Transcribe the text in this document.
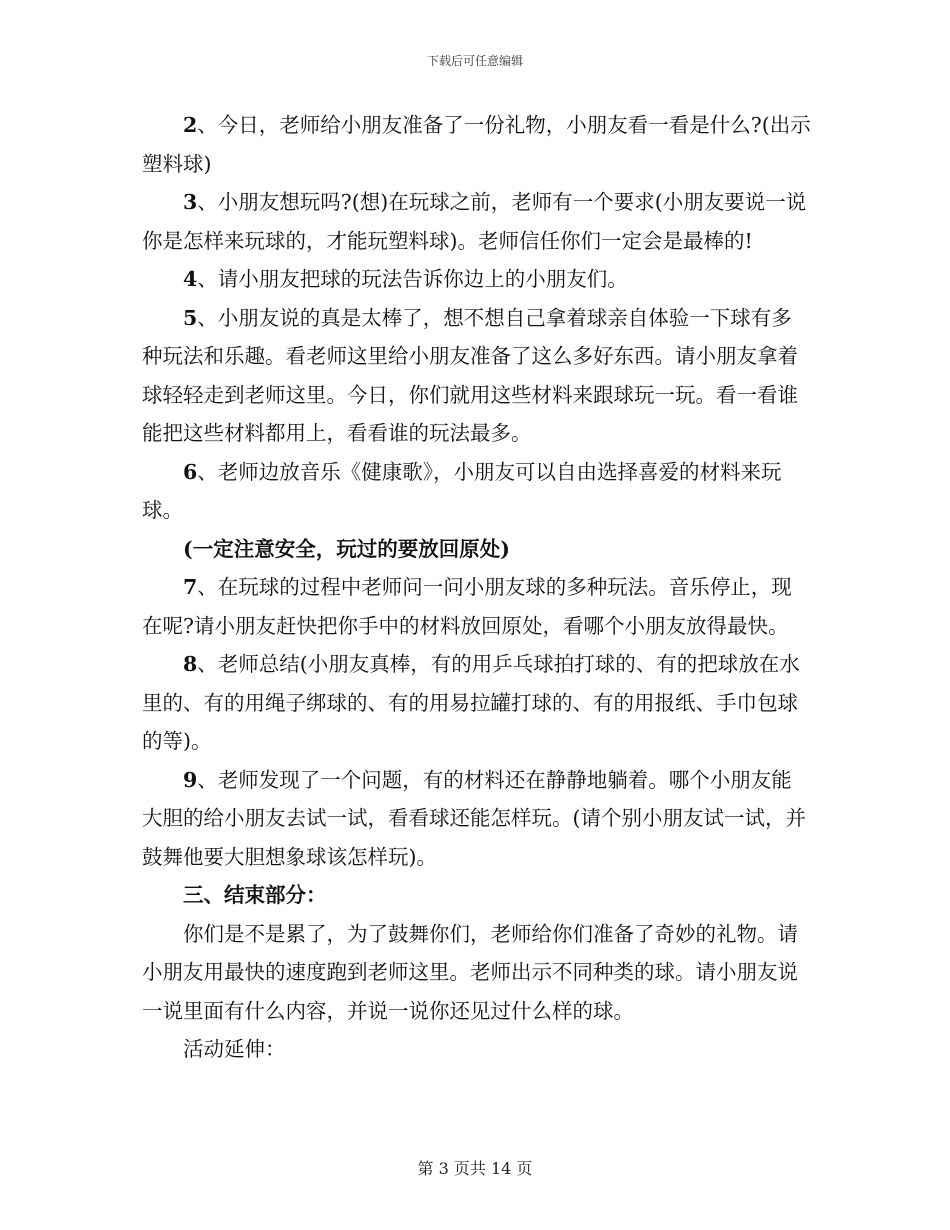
下载后可任意编辑

2、今日，老师给小朋友准备了一份礼物，小朋友看一看是什么?(出示塑料球)

3、小朋友想玩吗?(想)在玩球之前，老师有一个要求(小朋友要说一说你是怎样来玩球的，才能玩塑料球)。老师信任你们一定会是最棒的!

4、请小朋友把球的玩法告诉你边上的小朋友们。

5、小朋友说的真是太棒了，想不想自己拿着球亲自体验一下球有多种玩法和乐趣。看老师这里给小朋友准备了这么多好东西。请小朋友拿着球轻轻走到老师这里。今日，你们就用这些材料来跟球玩一玩。看一看谁能把这些材料都用上，看看谁的玩法最多。

6、老师边放音乐《健康歌》，小朋友可以自由选择喜爱的材料来玩球。

(一定注意安全，玩过的要放回原处)

7、在玩球的过程中老师问一问小朋友球的多种玩法。音乐停止，现在呢?请小朋友赶快把你手中的材料放回原处，看哪个小朋友放得最快。

8、老师总结(小朋友真棒，有的用乒乓球拍打球的、有的把球放在水里的、有的用绳子绑球的、有的用易拉罐打球的、有的用报纸、手巾包球的等)。

9、老师发现了一个问题，有的材料还在静静地躺着。哪个小朋友能大胆的给小朋友去试一试，看看球还能怎样玩。(请个别小朋友试一试，并鼓舞他要大胆想象球该怎样玩)。

三、结束部分：

你们是不是累了，为了鼓舞你们，老师给你们准备了奇妙的礼物。请小朋友用最快的速度跑到老师这里。老师出示不同种类的球。请小朋友说一说里面有什么内容，并说一说你还见过什么样的球。

活动延伸：

第 3 页共 14 页
